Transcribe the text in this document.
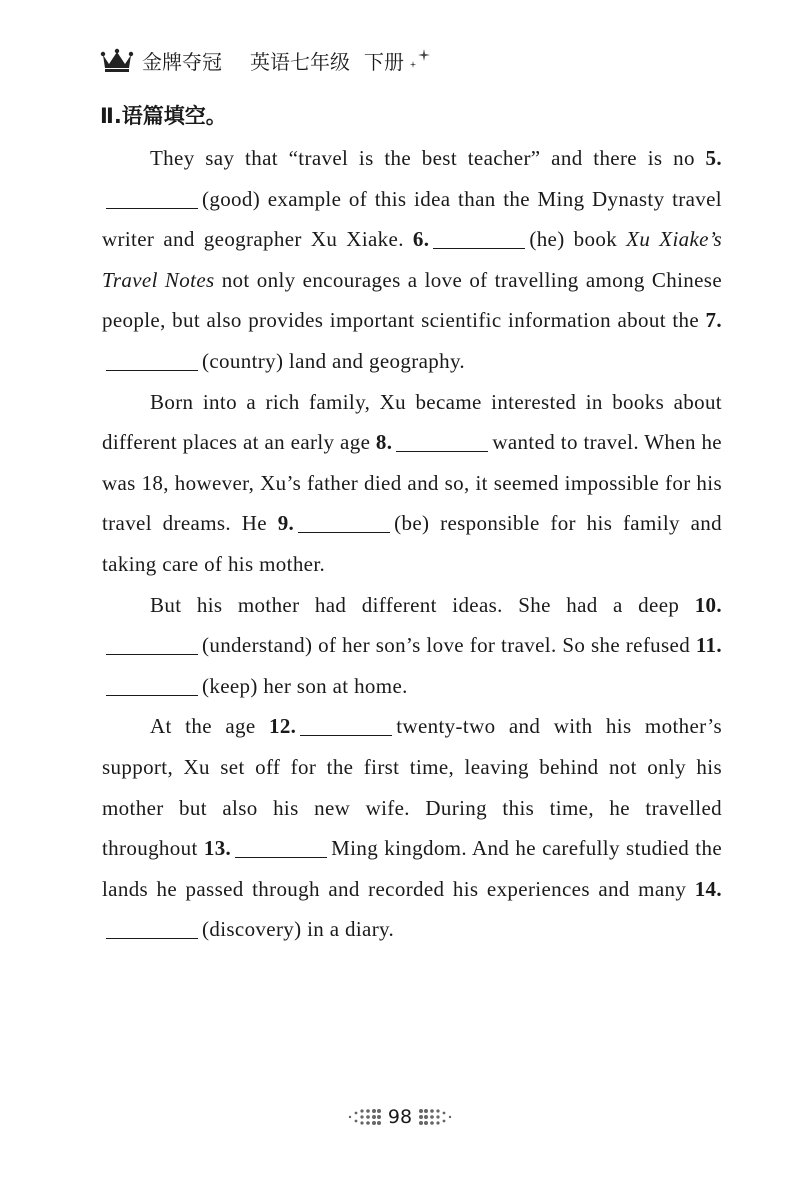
金牌夺冠 英语七年级 下册
Ⅱ.语篇填空。

They say that “travel is the best teacher” and there is no 5.(good) example of this idea than the Ming Dynasty travel writer and geographer Xu Xiake. 6.	(he) book Xu Xiake’s Travel Notes not only encourages a love of travelling among Chinese people, but also provides important scientific information about the 7.(country) land and geography.

Born into a rich family, Xu became interested in books about different places at an early age 8.	wanted to travel. When he was 18, however, Xu’s father died and so, it seemed impossible for his travel dreams. He 9.	(be) responsible for his family and taking care of his mother.

But his mother had different ideas. She had a deep 10.(understand) of her son’s love for travel. So she refused 11.(keep) her son at home.

At the age 12.	twenty-two and with his mother’s support, Xu set off for the first time, leaving behind not only his mother but also his new wife. During this time, he travelled throughout 13.	Ming kingdom. And he carefully studied the lands he passed through and recorded his experiences and many 14.(discovery) in a diary.

98
